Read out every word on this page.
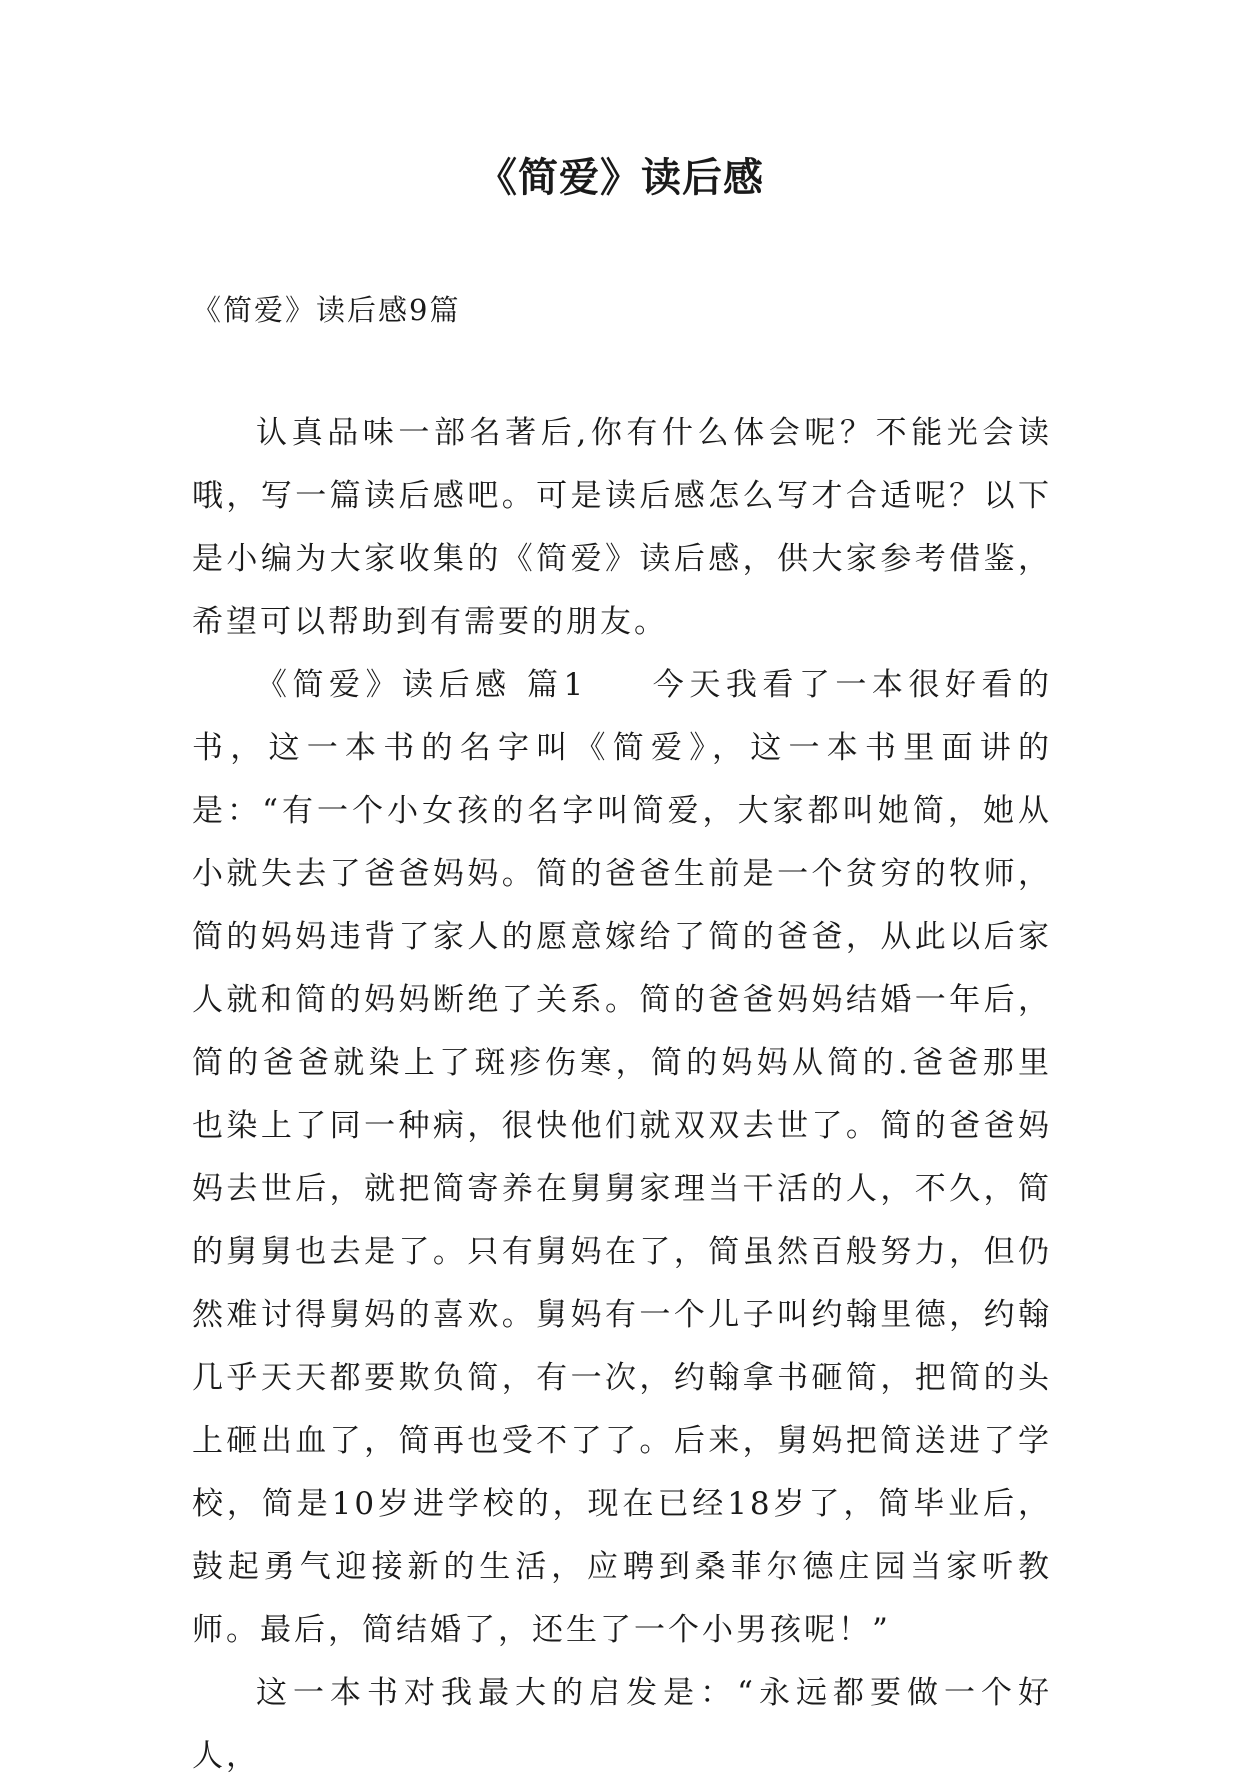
《简爱》读后感

《简爱》读后感9篇

认真品味一部名著后,你有什么体会呢？不能光会读哦，写一篇读后感吧。可是读后感怎么写才合适呢？以下是小编为大家收集的《简爱》读后感，供大家参考借鉴，希望可以帮助到有需要的朋友。

《简爱》读后感 篇1 今天我看了一本很好看的书，这一本书的名字叫《简爱》，这一本书里面讲的是：“有一个小女孩的名字叫简爱，大家都叫她简，她从小就失去了爸爸妈妈。简的爸爸生前是一个贫穷的牧师，简的妈妈违背了家人的愿意嫁给了简的爸爸，从此以后家人就和简的妈妈断绝了关系。简的爸爸妈妈结婚一年后，简的爸爸就染上了斑疹伤寒，简的妈妈从简的.爸爸那里也染上了同一种病，很快他们就双双去世了。简的爸爸妈妈去世后，就把简寄养在舅舅家理当干活的人，不久，简的舅舅也去是了。只有舅妈在了，简虽然百般努力，但仍然难讨得舅妈的喜欢。舅妈有一个儿子叫约翰里德，约翰几乎天天都要欺负简，有一次，约翰拿书砸简，把简的头上砸出血了，简再也受不了了。后来，舅妈把简送进了学校，简是10岁进学校的，现在已经18岁了，简毕业后，鼓起勇气迎接新的生活，应聘到桑菲尔德庄园当家听教师。最后，简结婚了，还生了一个小男孩呢！”

这一本书对我最大的启发是：“永远都要做一个好人，
